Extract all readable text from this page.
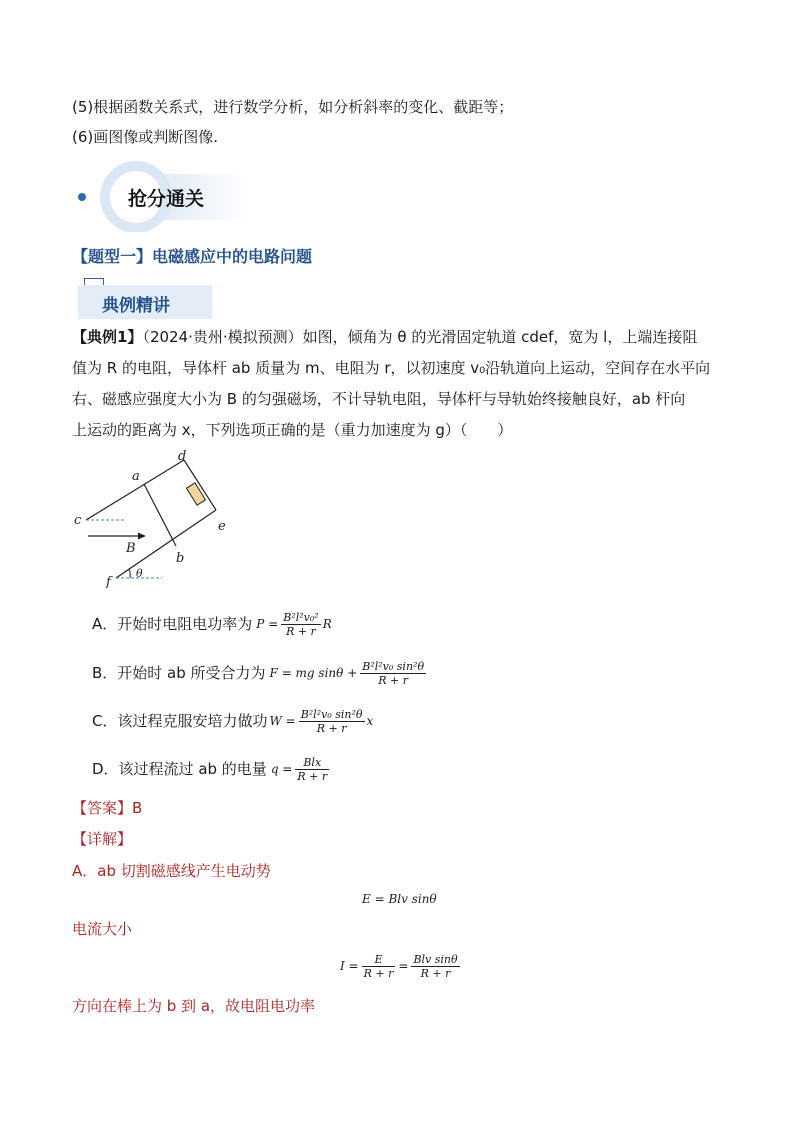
(5)根据函数关系式，进行数学分析，如分析斜率的变化、截距等；
(6)画图像或判断图像.
抢分通关
【题型一】电磁感应中的电路问题
典例精讲
【典例1】（2024·贵州·模拟预测）如图，倾角为 θ 的光滑固定轨道 cdef，宽为 l，上端连接阻
值为 R 的电阻，导体杆 ab 质量为 m、电阻为 r，以初速度 v₀沿轨道向上运动，空间存在水平向
右、磁感应强度大小为 B 的匀强磁场，不计导轨电阻，导体杆与导轨始终接触良好，ab 杆向
上运动的距离为 x，下列选项正确的是（重力加速度为 g）（　　）
a
b
c
d
e
f
B
θ
A．开始时电阻电功率为 $P = \frac{\text{B²l²v₀²}}{R + r}$ R
B．开始时 ab 所受合力为 F = mg $\sin\theta + \frac{\text{B²l²v₀ sin²θ}}{R + r}$
C．该过程克服安培力做功 $W = \frac{\text{B²l²v₀ sin²θ}}{R + r}$ x
D．该过程流过 ab 的电量 $q = \frac{\text{Blx}}{R + r}$
【答案】B
【详解】
A．ab 切割磁感线产生电动势
E = Blv sinθ
电流大小
$I = \frac{E}{R + r} = \frac{\text{Blv sinθ}}{R + r}$
方向在棒上为 b 到 a，故电阻电功率
